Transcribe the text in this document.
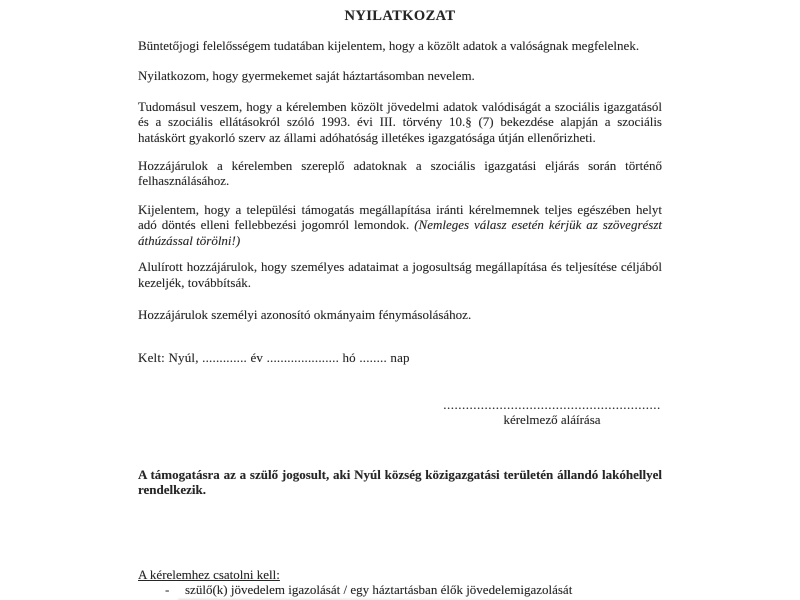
NYILATKOZAT

Büntetőjogi felelősségem tudatában kijelentem, hogy a közölt adatok a valóságnak megfelelnek.

Nyilatkozom, hogy gyermekemet saját háztartásomban nevelem.

Tudomásul veszem, hogy a kérelemben közölt jövedelmi adatok valódiságát a szociális igazgatásól és a szociális ellátásokról szóló 1993. évi III. törvény 10.§ (7) bekezdése alapján a szociális hatáskört gyakorló szerv az állami adóhatóság illetékes igazgatósága útján ellenőrizheti.

Hozzájárulok a kérelemben szereplő adatoknak a szociális igazgatási eljárás során történő felhasználásához.

Kijelentem, hogy a települési támogatás megállapítása iránti kérelmemnek teljes egészében helyt adó döntés elleni fellebbezési jogomról lemondok. (Nemleges válasz esetén kérjük az szövegrészt áthúzással törölni!)

Alulírott hozzájárulok, hogy személyes adataimat a jogosultság megállapítása és teljesítése céljából kezeljék, továbbítsák.

Hozzájárulok személyi azonosító okmányaim fénymásolásához.

Kelt: Nyúl, ............. év ..................... hó ........ nap

..........................................................
kérelmező aláírása

A támogatásra az a szülő jogosult, aki Nyúl község közigazgatási területén állandó lakóhellyel rendelkezik.

A kérelemhez csatolni kell:
-	szülő(k) jövedelem igazolását / egy háztartásban élők jövedelemigazolását
